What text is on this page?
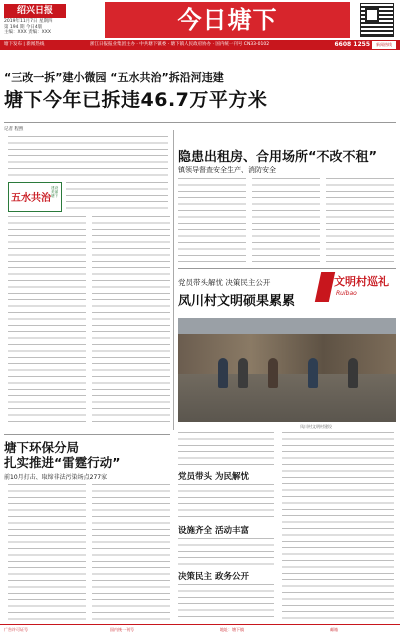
绍兴日报
2019年11月7日 星期四
第 194 期 今日4版
主编：XXX 责编：XXX	今日塘下
塘下发布 | 新闻热线	浙江日报报业集团主办 · 中共塘下镇委 · 塘下镇人民政府协办 · 国内统一刊号 CN33-0102	6608 1255	新闻热线
“三改一拆”建小微园 “五水共治”拆沿河违建
塘下今年已拆违46.7万平方米
记者 程煦
五水共治
建设美丽塘下
隐患出租房、合用场所“不改不租”
镇领导督查安全生产、消防安全
党员带头解忧 决策民主公开
凤川村文明硕果累累
文明村巡礼
Ruibao
凤川村文明村建设
党员带头 为民解忧
设施齐全 活动丰富
决策民主 政务公开
塘下环保分局
扎实推进“雷霆行动”
前10月打击、取缔非法污染场点277家
广告许可证号	国内统一刊号	地址：塘下镇	邮箱
